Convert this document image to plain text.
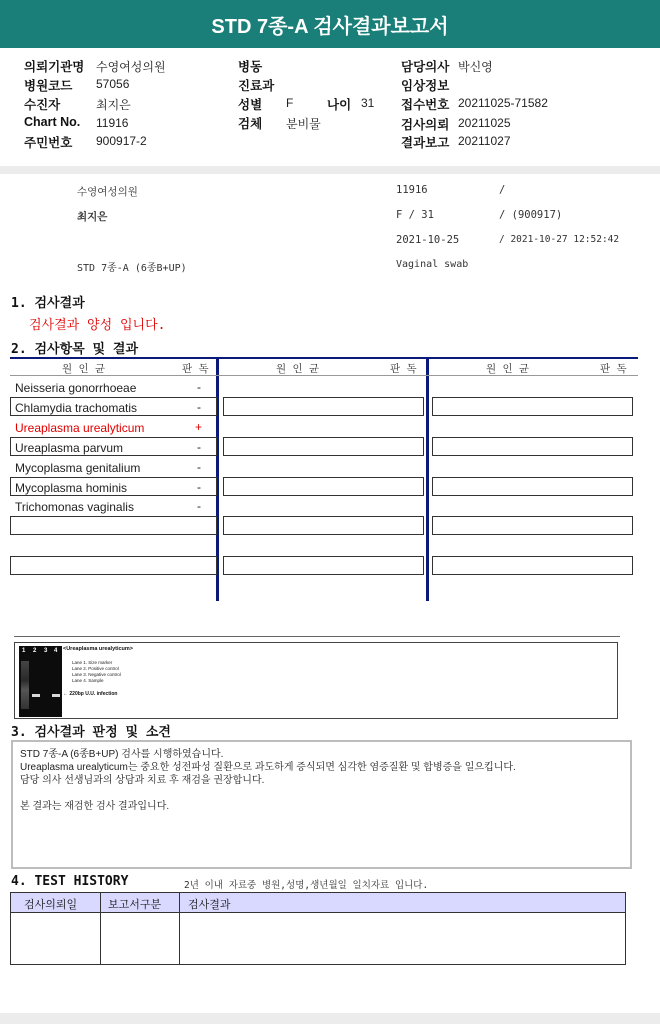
STD 7종-A 검사결과보고서
의뢰기관명 수영여성의원
병원코드 57056
수진자	최지은
Chart No. 11916
주민번호 900917-2
병동
진료과
성별 F	나이 31
검체 분비물
담당의사 박신영
임상정보
접수번호 20211025-71582
검사의뢰 20211025
결과보고 20211027
수영여성의원	11916	/
최지은	F / 31	/ (900917)
2021-10-25	/ 2021-10-27 12:52:42
STD 7종-A (6종B+UP)	Vaginal swab
1. 검사결과
검사결과 양성 입니다.
2. 검사항목 및 결과
원 인 균	판 독	원 인 균	판 독	원 인 균	판 독
Neisseria gonorrhoeae	-
Chlamydia trachomatis	-
Ureaplasma urealyticum	+
Ureaplasma parvum	-
Mycoplasma genitalium	-
Mycoplasma hominis	-
Trichomonas vaginalis	-
1 2 3 4 <Ureaplasma urealyticum>
Lane 1. Size marker
Lane 2. Positive control
Lane 3. Negative control
Lane 4. Sample
← 220bp U.U. infection
3. 검사결과 판정 및 소견
STD 7종-A (6종B+UP) 검사를 시행하였습니다.
Ureaplasma urealyticum는 중요한 성전파성 질환으로 과도하게 증식되면 심각한 염증질환 및 합병증을 일으킵니다.
담당 의사 선생님과의 상담과 치료 후 재검을 권장합니다.
본 결과는 재검한 검사 결과입니다.
4. TEST HISTORY	2년 이내 자료중 병원,성명,생년월일 일치자료 입니다.
검사의뢰일	보고서구분 검사결과
